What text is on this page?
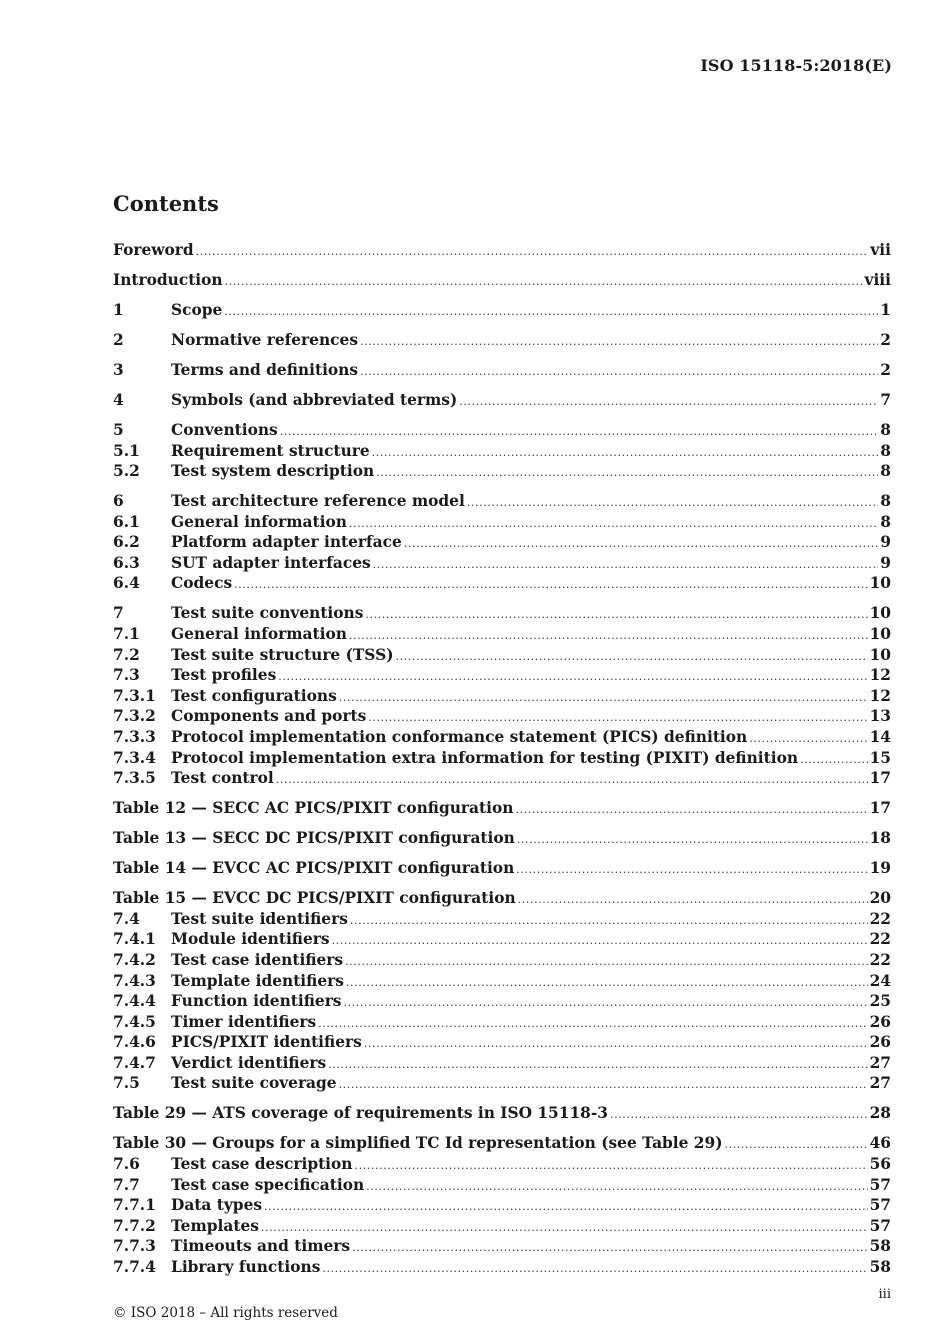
ISO 15118-5:2018(E)
Contents
Foreword .....	vii
Introduction .....	viii
1	Scope .....	1
2	Normative references .....	2
3	Terms and definitions .....	2
4	Symbols (and abbreviated terms) .....	7
5	Conventions .....	8
5.1	Requirement structure .....	8
5.2	Test system description .....	8
6	Test architecture reference model .....	8
6.1	General information .....	8
6.2	Platform adapter interface .....	9
6.3	SUT adapter interfaces .....	9
6.4	Codecs .....	10
7	Test suite conventions .....	10
7.1	General information .....	10
7.2	Test suite structure (TSS) .....	10
7.3	Test profiles .....	12
7.3.1 Test configurations .....	12
7.3.2 Components and ports .....	13
7.3.3 Protocol implementation conformance statement (PICS) definition .....	14
7.3.4 Protocol implementation extra information for testing (PIXIT) definition .....	15
7.3.5 Test control .....	17
Table 12 — SECC AC PICS/PIXIT configuration .....	17
Table 13 — SECC DC PICS/PIXIT configuration .....	18
Table 14 — EVCC AC PICS/PIXIT configuration .....	19
Table 15 — EVCC DC PICS/PIXIT configuration .....	20
7.4	Test suite identifiers .....	22
7.4.1 Module identifiers .....	22
7.4.2 Test case identifiers .....	22
7.4.3 Template identifiers .....	24
7.4.4 Function identifiers .....	25
7.4.5 Timer identifiers .....	26
7.4.6 PICS/PIXIT identifiers .....	26
7.4.7 Verdict identifiers .....	27
7.5	Test suite coverage .....	27
Table 29 — ATS coverage of requirements in ISO 15118-3 .....	28
Table 30 — Groups for a simplified TC Id representation (see Table 29) .....	46
7.6	Test case description .....	56
7.7	Test case specification .....	57
7.7.1 Data types .....	57
7.7.2 Templates .....	57
7.7.3 Timeouts and timers .....	58
7.7.4 Library functions .....	58
iii
© ISO 2018 – All rights reserved
